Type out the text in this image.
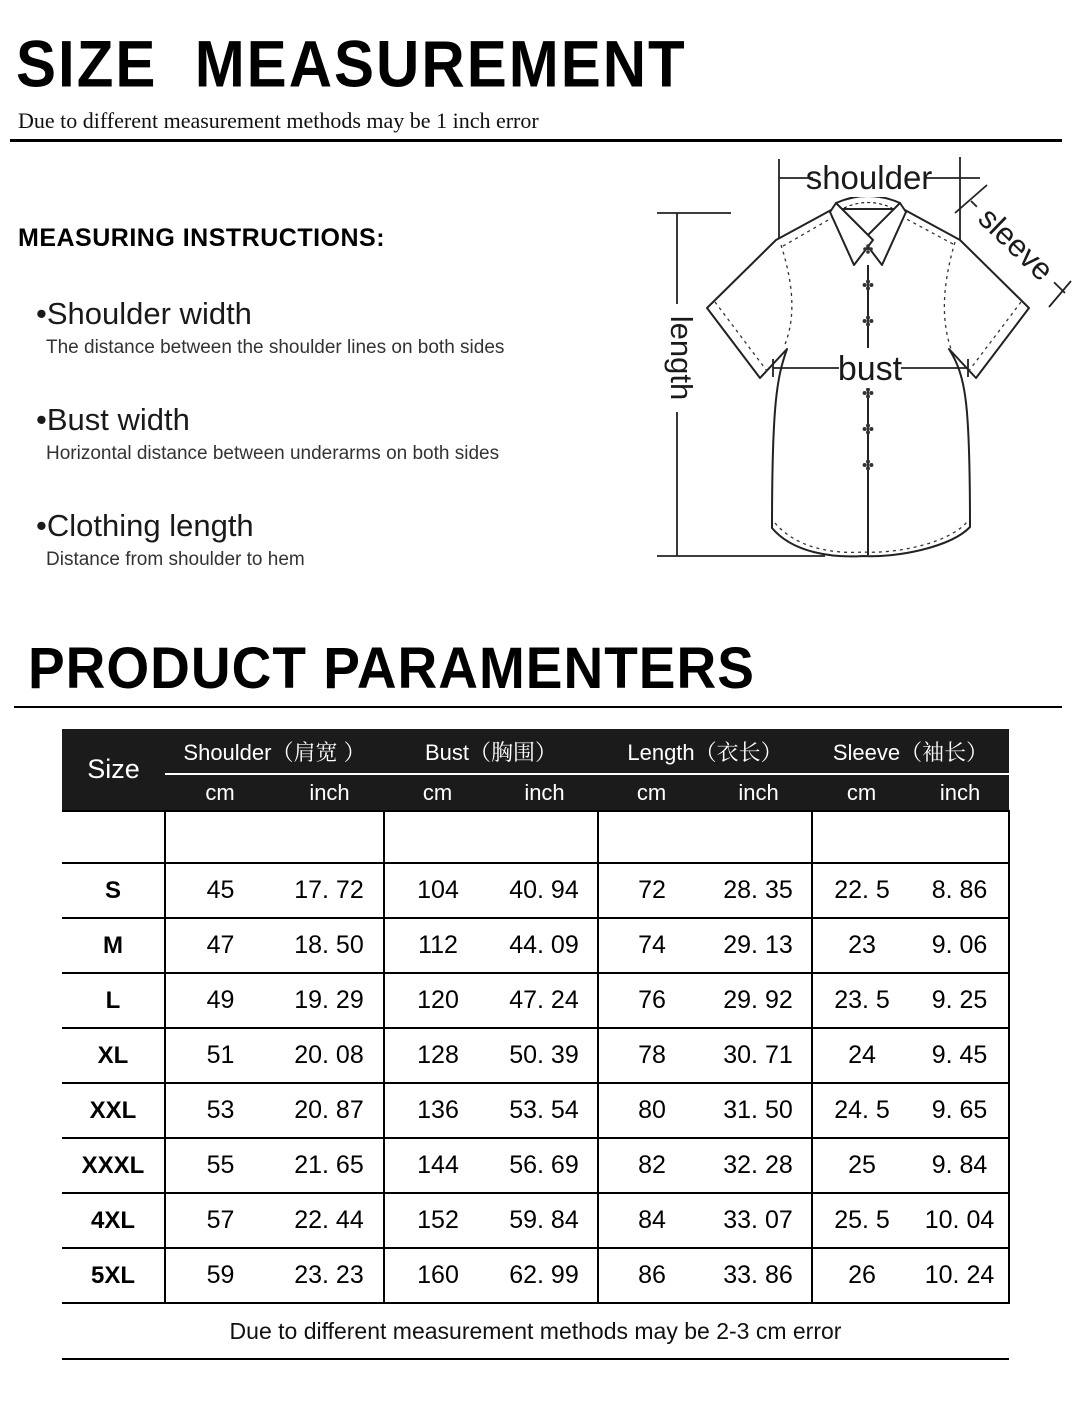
SIZE  MEASUREMENT
Due to different measurement methods may be 1 inch error
MEASURING INSTRUCTIONS:
•Shoulder width
The distance between the shoulder lines on both sides
•Bust width
Horizontal distance between underarms on both sides
•Clothing length
Distance from shoulder to hem
shoulder
length	bust
sleeve
PRODUCT PARAMENTERS
Size	Shoulder（肩宽 ）		Bust（胸围）		Length（衣长）		Sleeve（袖长）	
	cm	inch	cm	inch	cm	inch	cm	inch

S	45	17. 72	104	40. 94	72	28. 35	22. 5	8. 86
M	47	18. 50	112	44. 09	74	29. 13	23	9. 06
L	49	19. 29	120	47. 24	76	29. 92	23. 5	9. 25
XL	51	20. 08	128	50. 39	78	30. 71	24	9. 45
XXL	53	20. 87	136	53. 54	80	31. 50	24. 5	9. 65
XXXL	55	21. 65	144	56. 69	82	32. 28	25	9. 84
4XL	57	22. 44	152	59. 84	84	33. 07	25. 5	10. 04
5XL	59	23. 23	160	62. 99	86	33. 86	26	10. 24
Due to different measurement methods may be 2-3 cm error								
